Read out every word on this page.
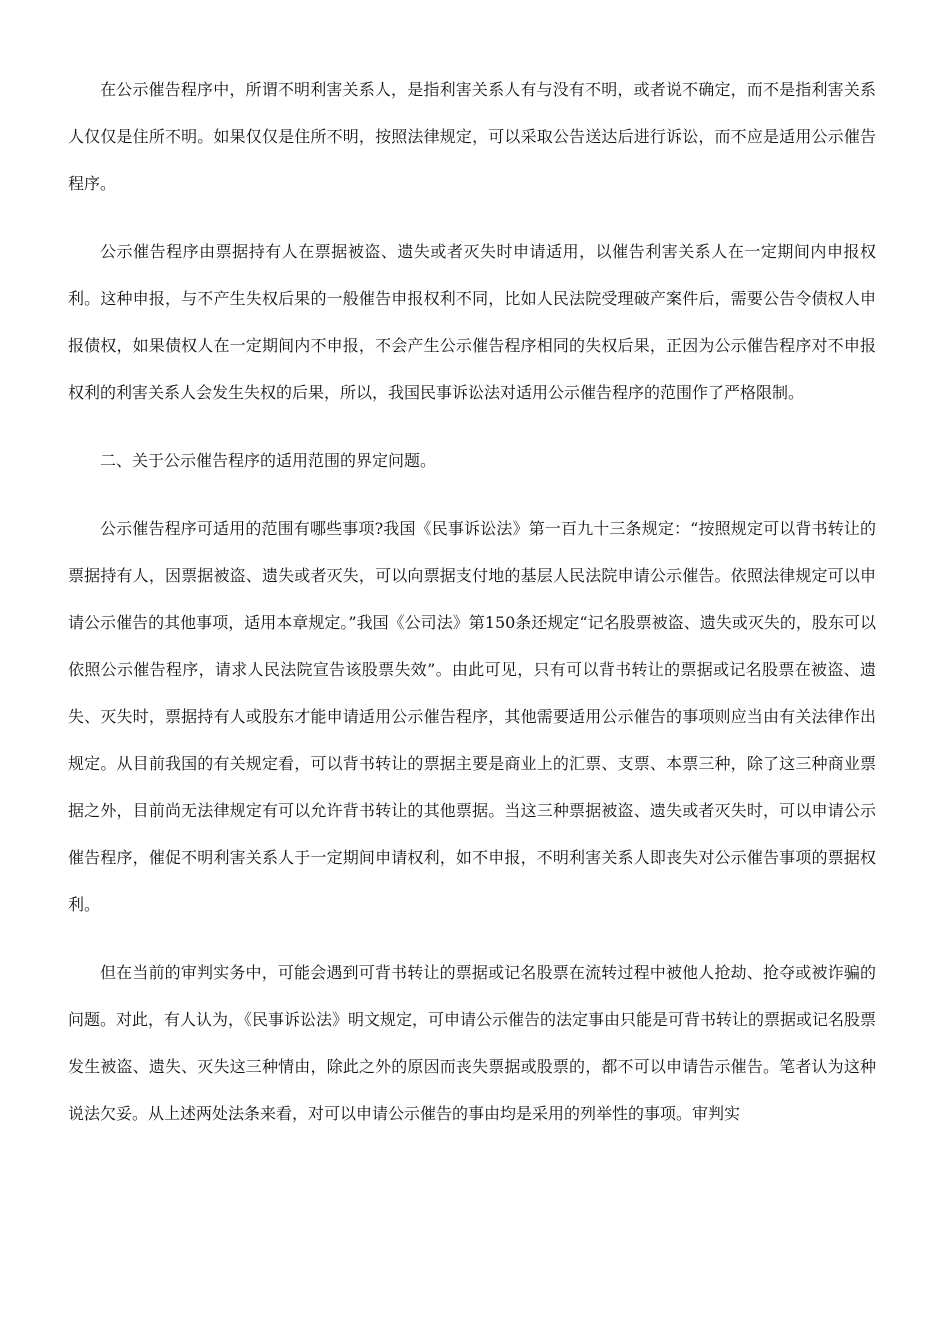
在公示催告程序中，所谓不明利害关系人，是指利害关系人有与没有不明，或者说不确定，而不是指利害关系人仅仅是住所不明。如果仅仅是住所不明，按照法律规定，可以采取公告送达后进行诉讼，而不应是适用公示催告程序。

公示催告程序由票据持有人在票据被盗、遗失或者灭失时申请适用，以催告利害关系人在一定期间内申报权利。这种申报，与不产生失权后果的一般催告申报权利不同，比如人民法院受理破产案件后，需要公告令债权人申报债权，如果债权人在一定期间内不申报，不会产生公示催告程序相同的失权后果，正因为公示催告程序对不申报权利的利害关系人会发生失权的后果，所以，我国民事诉讼法对适用公示催告程序的范围作了严格限制。

二、关于公示催告程序的适用范围的界定问题。

公示催告程序可适用的范围有哪些事项?我国《民事诉讼法》第一百九十三条规定：“按照规定可以背书转让的票据持有人，因票据被盗、遗失或者灭失，可以向票据支付地的基层人民法院申请公示催告。依照法律规定可以申请公示催告的其他事项，适用本章规定。”我国《公司法》第150条还规定“记名股票被盗、遗失或灭失的，股东可以依照公示催告程序，请求人民法院宣告该股票失效”。由此可见，只有可以背书转让的票据或记名股票在被盗、遗失、灭失时，票据持有人或股东才能申请适用公示催告程序，其他需要适用公示催告的事项则应当由有关法律作出规定。从目前我国的有关规定看，可以背书转让的票据主要是商业上的汇票、支票、本票三种，除了这三种商业票据之外，目前尚无法律规定有可以允许背书转让的其他票据。当这三种票据被盗、遗失或者灭失时，可以申请公示催告程序，催促不明利害关系人于一定期间申请权利，如不申报，不明利害关系人即丧失对公示催告事项的票据权利。

但在当前的审判实务中，可能会遇到可背书转让的票据或记名股票在流转过程中被他人抢劫、抢夺或被诈骗的问题。对此，有人认为，《民事诉讼法》明文规定，可申请公示催告的法定事由只能是可背书转让的票据或记名股票发生被盗、遗失、灭失这三种情由，除此之外的原因而丧失票据或股票的，都不可以申请告示催告。笔者认为这种说法欠妥。从上述两处法条来看，对可以申请公示催告的事由均是采用的列举性的事项。审判实
